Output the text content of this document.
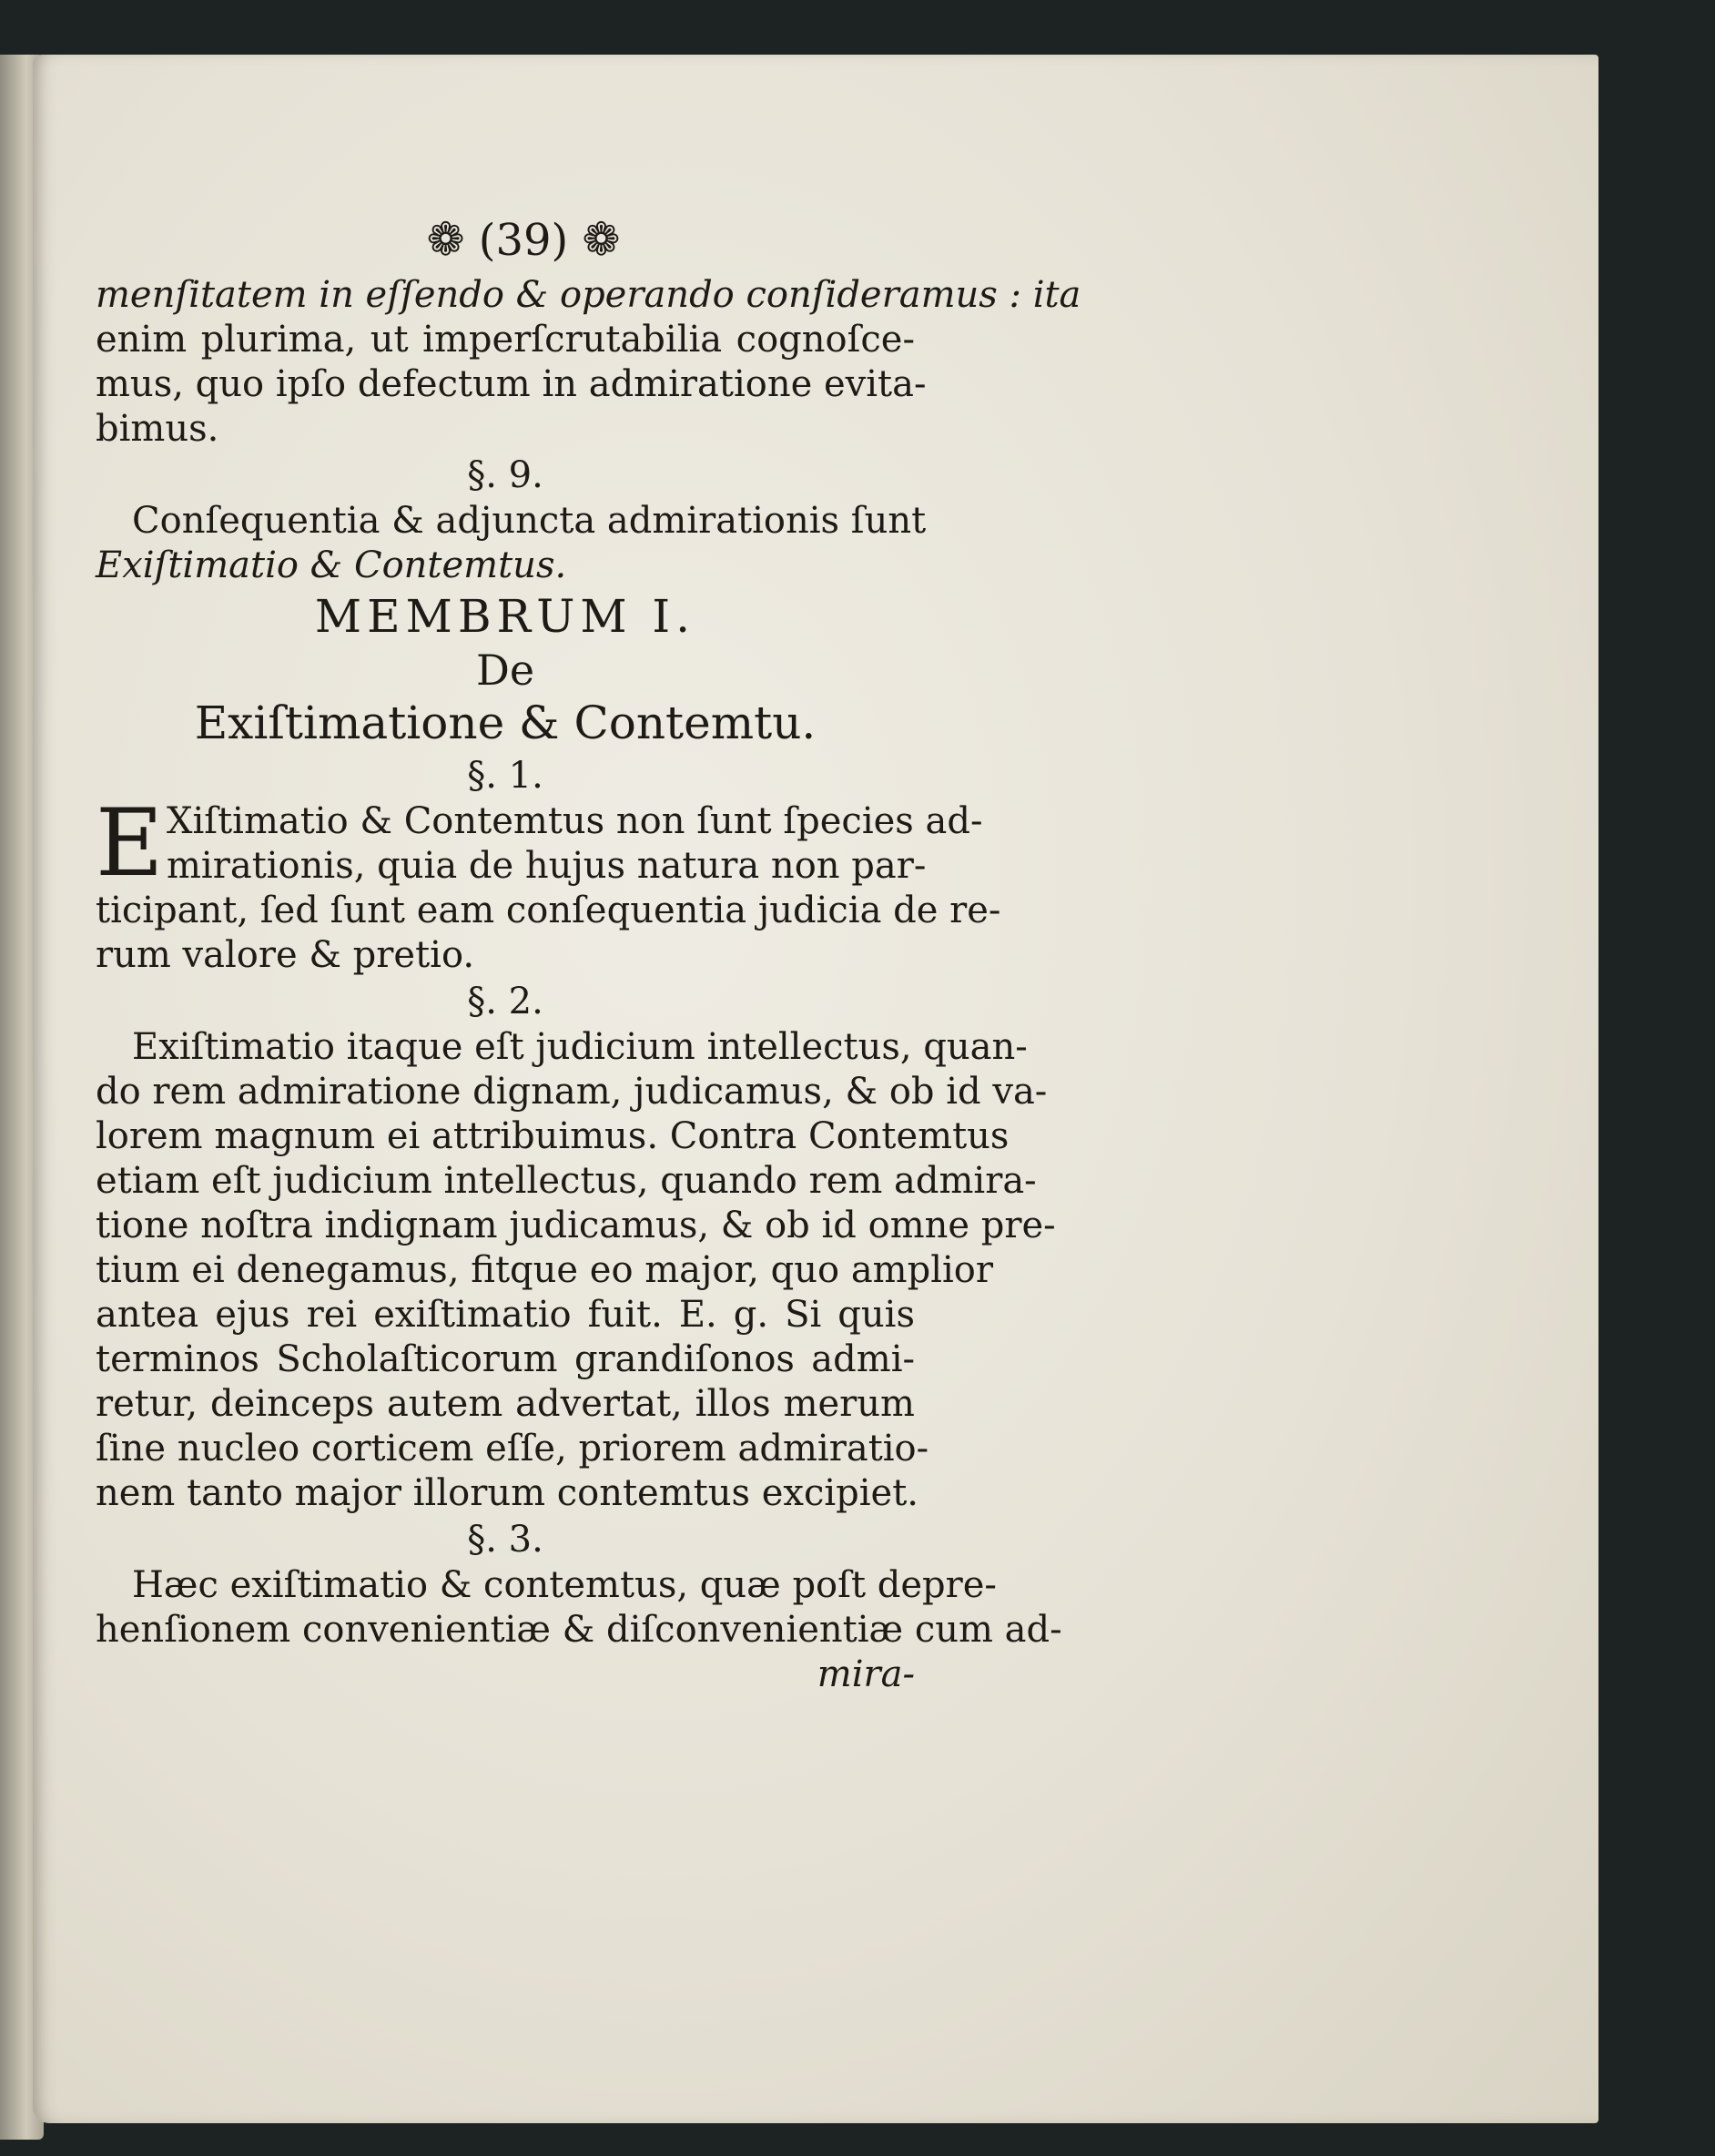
❁ (39) ❁
menſitatem in eſſendo & operando conſideramus : ita
enim plurima, ut imperſcrutabilia cognoſce-
mus, quo ipſo defectum in admiratione evita-
bimus.
§. 9.
Conſequentia & adjuncta admirationis ſunt
Exiſtimatio & Contemtus.
MEMBRUM I.
De
Exiſtimatione & Contemtu.
§. 1.
E Xiſtimatio & Contemtus non ſunt ſpecies ad-
mirationis, quia de hujus natura non par-
ticipant, ſed ſunt eam conſequentia judicia de re-
rum valore & pretio.
§. 2.
Exiſtimatio itaque eſt judicium intellectus, quan-
do rem admiratione dignam, judicamus, & ob id va-
lorem magnum ei attribuimus. Contra Contemtus
etiam eſt judicium intellectus, quando rem admira-
tione noſtra indignam judicamus, & ob id omne pre-
tium ei denegamus, fitque eo major, quo amplior
antea ejus rei exiſtimatio fuit. E. g. Si quis
terminos Scholaſticorum grandiſonos admi-
retur, deinceps autem advertat, illos merum
ſine nucleo corticem eſſe, priorem admiratio-
nem tanto major illorum contemtus excipiet.
§. 3.
Hæc exiſtimatio & contemtus, quæ poſt depre-
henſionem convenientiæ & diſconvenientiæ cum ad-
mira-
